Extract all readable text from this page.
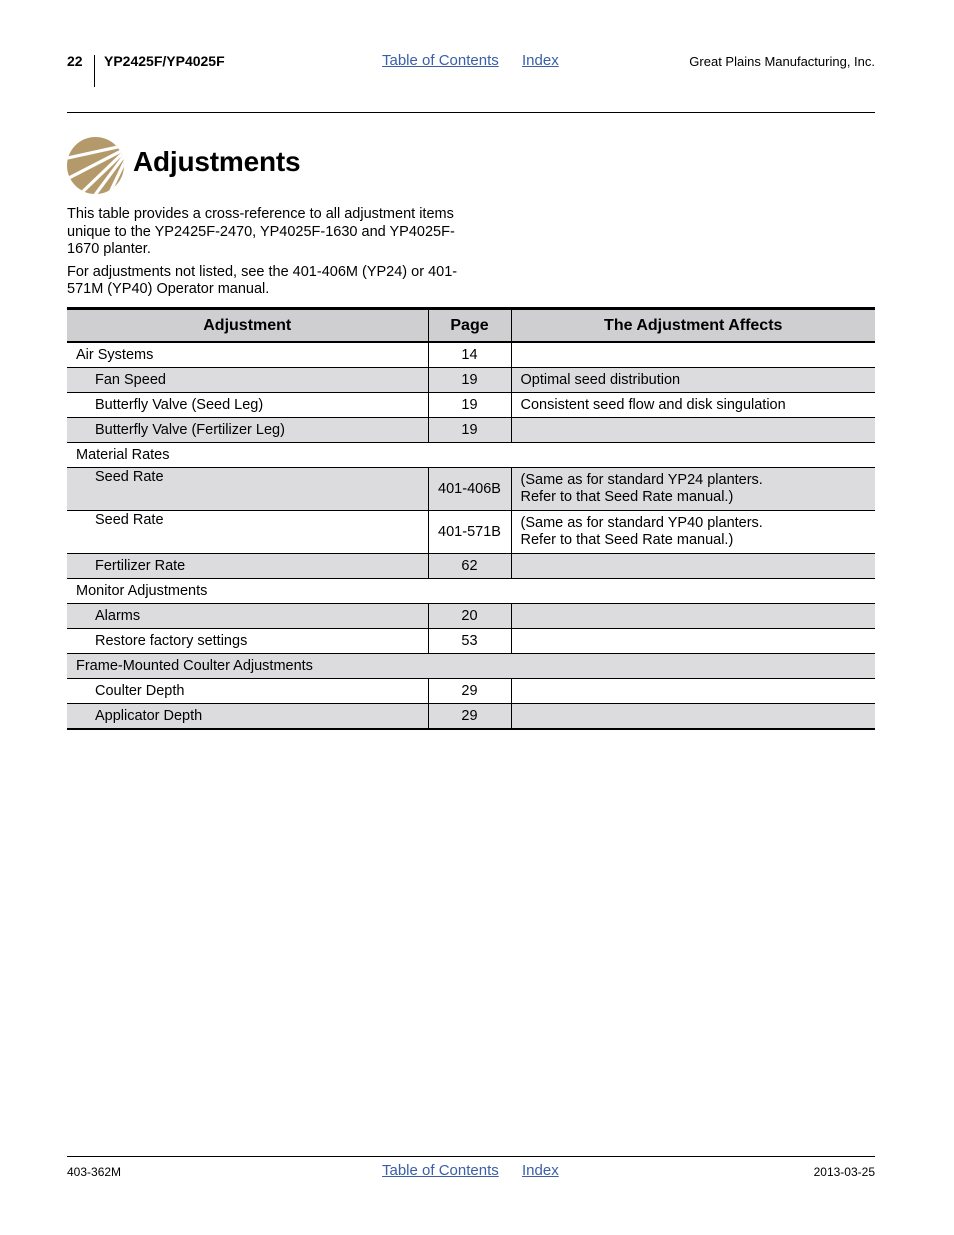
22 YP2425F/YP4025F	Table of Contents Index	Great Plains Manufacturing, Inc.
Adjustments

This table provides a cross-reference to all adjustment items unique to the YP2425F-2470, YP4025F-1630 and YP4025F-1670 planter.

For adjustments not listed, see the 401-406M (YP24) or 401-571M (YP40) Operator manual.

Adjustment	Page	The Adjustment Affects
Air Systems	14	
Fan Speed	19	Optimal seed distribution
Butterfly Valve (Seed Leg)	19	Consistent seed flow and disk singulation
Butterfly Valve (Fertilizer Leg)	19	
Material Rates		
Seed Rate	401-406B	(Same as for standard YP24 planters.
Refer to that Seed Rate manual.)

Seed Rate	401-571B	(Same as for standard YP40 planters.
Refer to that Seed Rate manual.)

Fertilizer Rate	62	
Monitor Adjustments		
Alarms	20	
Restore factory settings	53	
Frame-Mounted Coulter Adjustments		
Coulter Depth	29	
Applicator Depth	29	
403-362M	Table of Contents Index	2013-03-25
